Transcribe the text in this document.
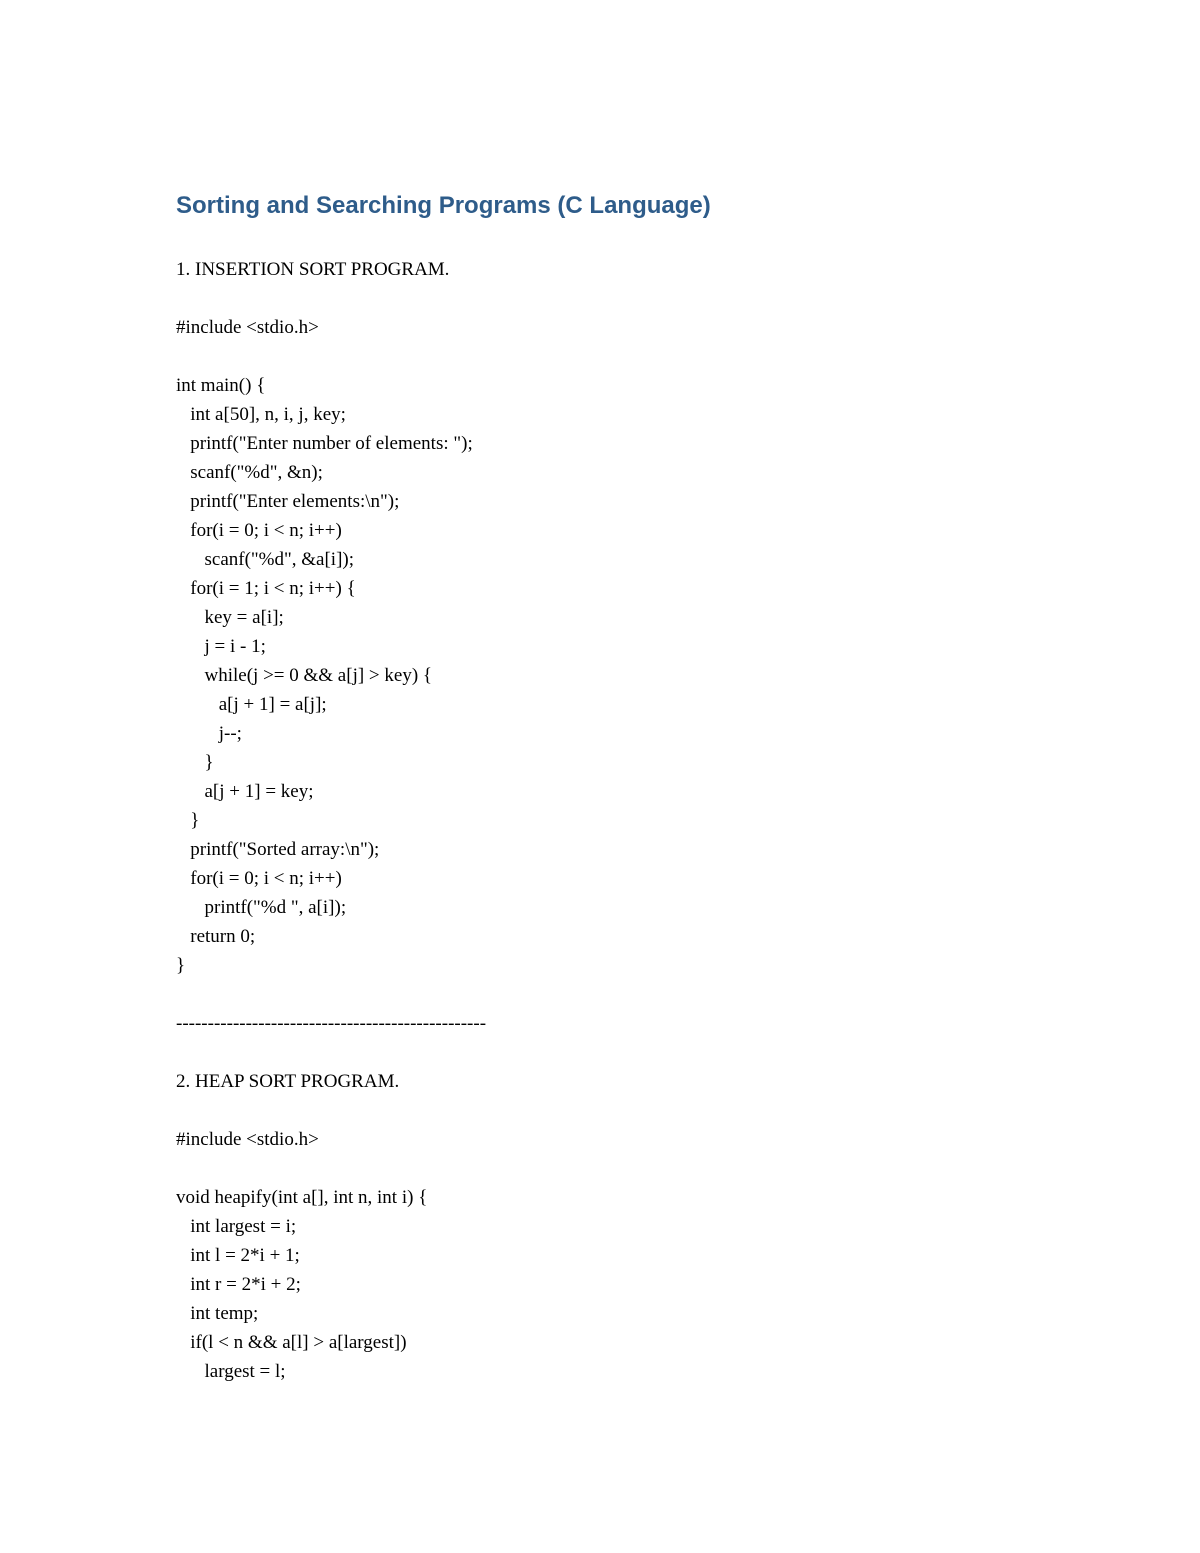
Sorting and Searching Programs (C Language)

1. INSERTION SORT PROGRAM.

#include <stdio.h>

int main() {

int a[50], n, i, j, key;

printf("Enter number of elements: ");

scanf("%d", &n);

printf("Enter elements:\n");

for(i = 0; i < n; i++)

scanf("%d", &a[i]);

for(i = 1; i < n; i++) {

key = a[i];

j = i - 1;

while(j >= 0 && a[j] > key) {

a[j + 1] = a[j];

j--;

}

a[j + 1] = key;

}

printf("Sorted array:\n");

for(i = 0; i < n; i++)

printf("%d ", a[i]);

return 0;

}

-------------------------------------------------

2. HEAP SORT PROGRAM.

#include <stdio.h>

void heapify(int a[], int n, int i) {

int largest = i;

int l = 2*i + 1;

int r = 2*i + 2;

int temp;

if(l < n && a[l] > a[largest])

largest = l;
